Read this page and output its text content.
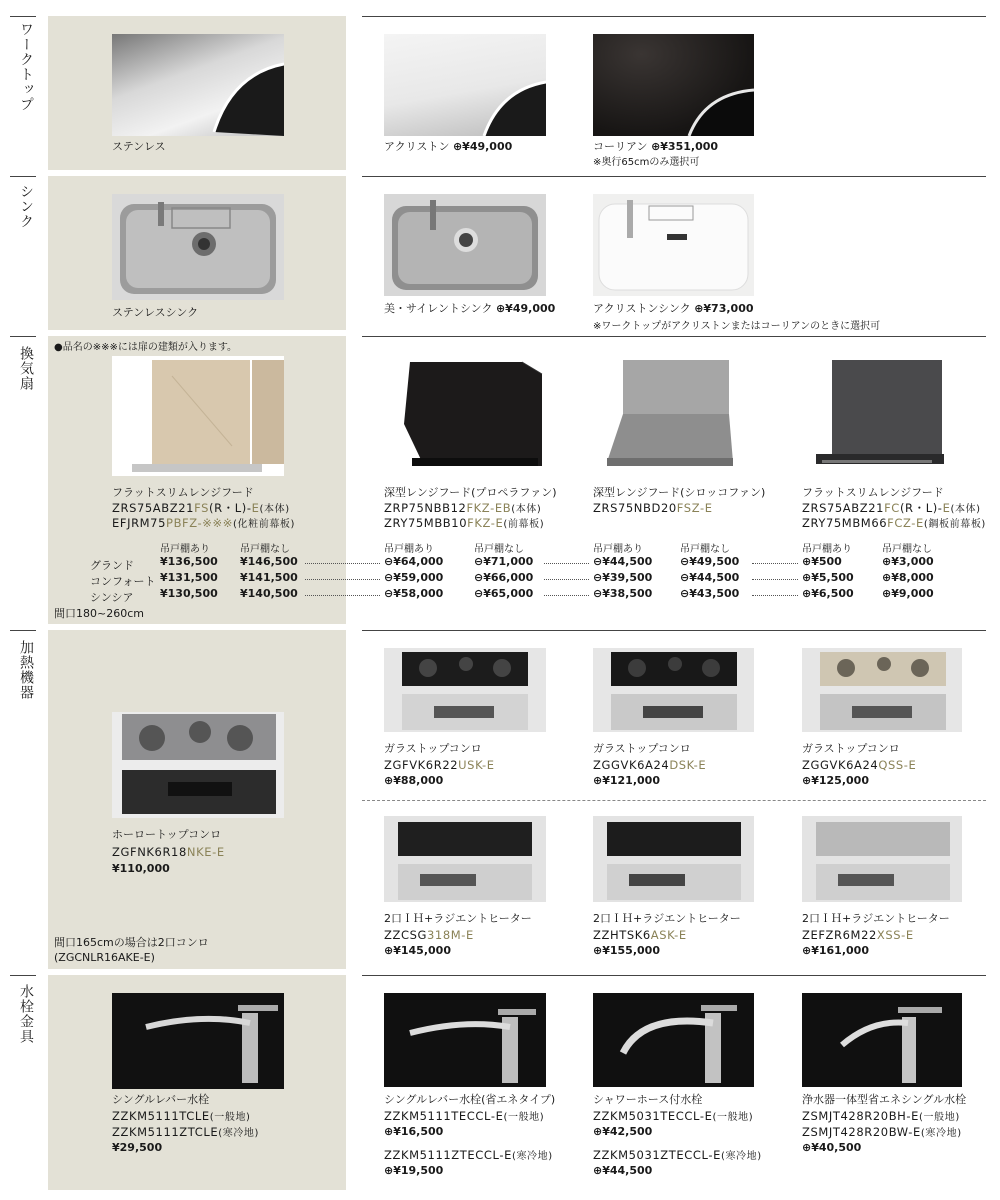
ワークトップ
シンク
換気扇
加熱機器
水栓金具
ステンレス	アクリストン ⊕¥49,000	コーリアン ⊕¥351,000
※奥行65cmのみ選択可
ステンレスシンク	美・サイレントシンク ⊕¥49,000	アクリストンシンク ⊕¥73,000
※ワークトップがアクリストンまたはコーリアンのときに選択可
●品名の※※※には扉の建類が入ります。
フラットスリムレンジフード
ZRS75ABZ21FS(R・L)-E(本体)
EFJRM75PBFZ-※※※(化粧前幕板)
深型レンジフード(プロペラファン)
ZRP75NBB12FKZ-EB(本体)
ZRY75MBB10FKZ-E(前幕板)
深型レンジフード(シロッコファン)
ZRS75NBD20FSZ-E
フラットスリムレンジフード
ZRS75ABZ21FC(R・L)-E(本体)
ZRY75MBM66FCZ-E(鋼板前幕板)
吊戸棚あり	吊戸棚なし	吊戸棚あり	吊戸棚なし	吊戸棚あり	吊戸棚なし	吊戸棚あり	吊戸棚なし
グランド ¥136,500 ¥146,500	⊖¥64,000	⊖¥71,000	⊖¥44,500	⊖¥49,500	⊕¥500	⊕¥3,000
コンフォート ¥131,500 ¥141,500	⊖¥59,000	⊖¥66,000	⊖¥39,500	⊖¥44,500	⊕¥5,500	⊕¥8,000
シンシア ¥130,500 ¥140,500	⊖¥58,000	⊖¥65,000	⊖¥38,500	⊖¥43,500	⊕¥6,500	⊕¥9,000
間口180~260cm
ホーロートップコンロ
ZGFNK6R18NKE-E
¥110,000
間口165cmの場合は2口コンロ
(ZGCNLR16AKE-E)
ガラストップコンロ
ZGFVK6R22USK-E
⊕¥88,000
ガラストップコンロ
ZGGVK6A24DSK-E
⊕¥121,000
ガラストップコンロ
ZGGVK6A24QSS-E
⊕¥125,000
2口ＩＨ+ラジエントヒーター
ZZCSG318M-E
⊕¥145,000
2口ＩＨ+ラジエントヒーター
ZZHTSK6ASK-E
⊕¥155,000
2口ＩＨ+ラジエントヒーター
ZEFZR6M22XSS-E
⊕¥161,000
シングルレバー水栓
ZZKM5111TCLE(一般地)
ZZKM5111ZTCLE(寒冷地)
¥29,500
シングルレバー水栓(省エネタイプ)
ZZKM5111TECCL-E(一般地)
⊕¥16,500
ZZKM5111ZTECCL-E(寒冷地)
⊕¥19,500
シャワーホース付水栓
ZZKM5031TECCL-E(一般地)
⊕¥42,500
ZZKM5031ZTECCL-E(寒冷地)
⊕¥44,500
浄水器一体型省エネシングル水栓
ZSMJT428R20BH-E(一般地)
ZSMJT428R20BW-E(寒冷地)
⊕¥40,500
